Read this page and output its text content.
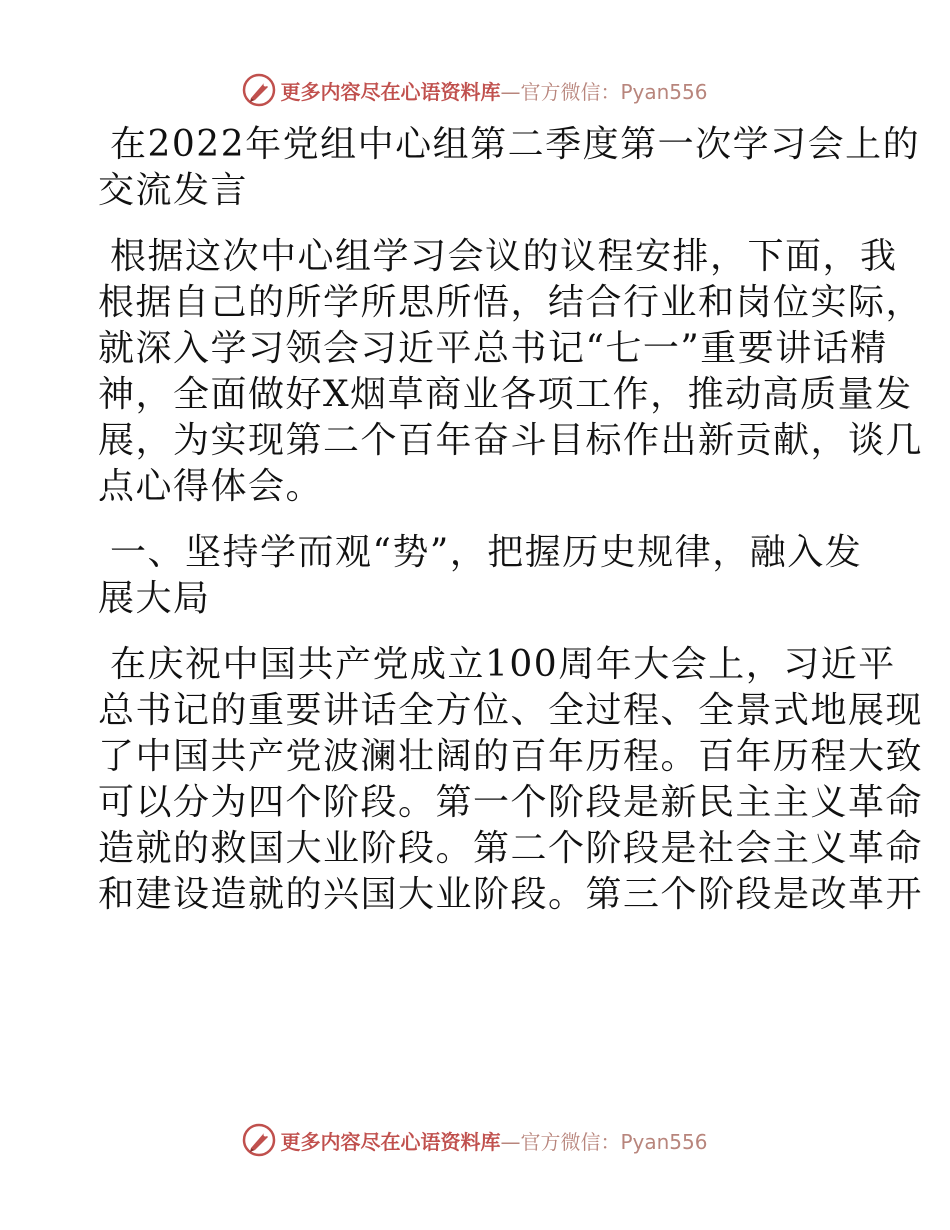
更多内容尽在心语资料库 —官方微信：Pyan556
在2022年党组中心组第二季度第一次学习会上的
交流发言
根据这次中心组学习会议的议程安排，下面，我
根据自己的所学所思所悟，结合行业和岗位实际，
就深入学习领会习近平总书记“七一”重要讲话精
神，全面做好X烟草商业各项工作，推动高质量发
展，为实现第二个百年奋斗目标作出新贡献，谈几
点心得体会。
一、坚持学而观“势”，把握历史规律，融入发
展大局
在庆祝中国共产党成立100周年大会上，习近平
总书记的重要讲话全方位、全过程、全景式地展现
了中国共产党波澜壮阔的百年历程。百年历程大致
可以分为四个阶段。第一个阶段是新民主主义革命
造就的救国大业阶段。第二个阶段是社会主义革命
和建设造就的兴国大业阶段。第三个阶段是改革开
更多内容尽在心语资料库 —官方微信：Pyan556
